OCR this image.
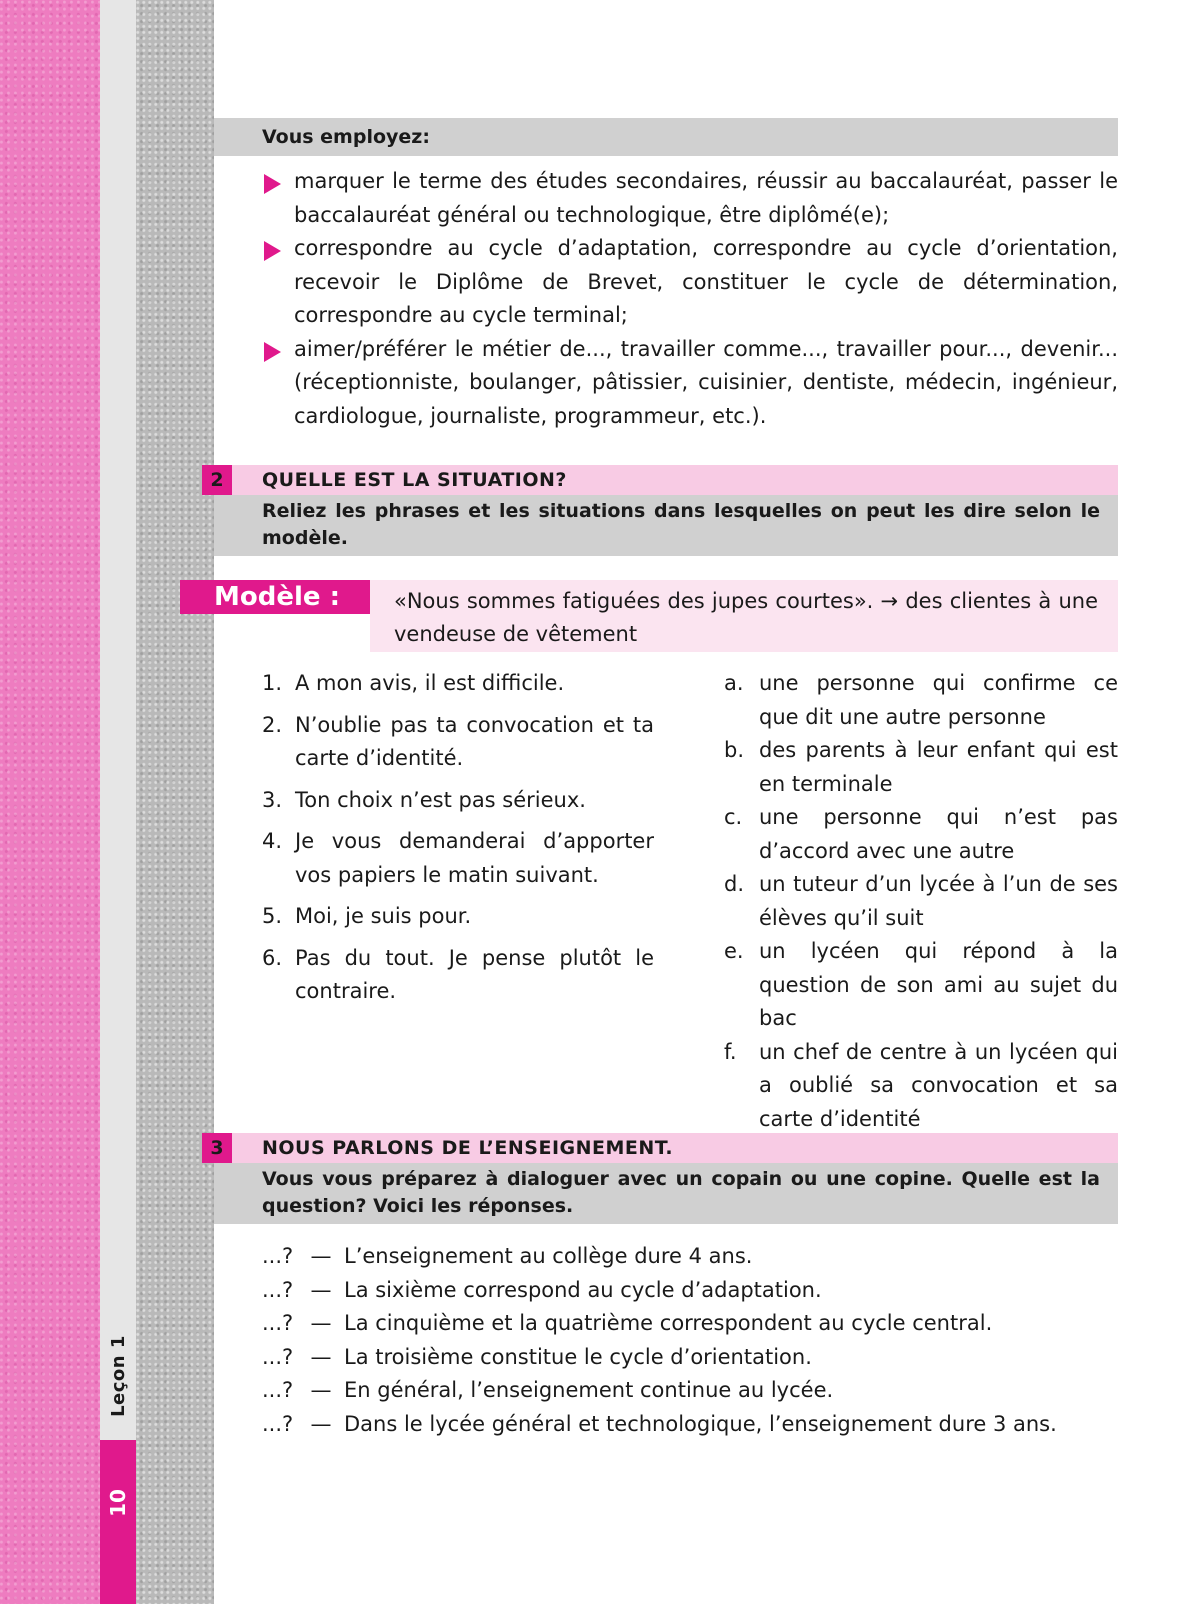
10
Leçon 1
Vous employez:
marquer le terme des études secondaires, réussir au baccalauréat, passer le baccalauréat général ou technologique, être diplômé(e);
correspondre au cycle d’adaptation, correspondre au cycle d’orientation, recevoir le Diplôme de Brevet, constituer le cycle de détermination, correspondre au cycle terminal;
aimer/préférer le métier de..., travailler comme..., travailler pour..., devenir... (réceptionniste, boulanger, pâtissier, cuisinier, dentiste, médecin, ingénieur, cardiologue, journaliste, programmeur, etc.).
QUELLE EST LA SITUATION?
2
Reliez les phrases et les situations dans lesquelles on peut les dire selon le modèle.
Modèle :	«Nous sommes fatiguées des jupes courtes». → des clientes à une vendeuse de vêtement
1. A mon avis, il est difficile.
2. N’oublie pas ta convocation et ta carte d’identité.
3. Ton choix n’est pas sérieux.
4. Je vous demanderai d’apporter vos papiers le matin suivant.
5. Moi, je suis pour.
6. Pas du tout. Je pense plutôt le contraire.
a. une personne qui confirme ce que dit une autre personne
b. des parents à leur enfant qui est en terminale
c. une personne qui n’est pas d’accord avec une autre
d. un tuteur d’un lycée à l’un de ses élèves qu’il suit
e. un lycéen qui répond à la question de son ami au sujet du bac
f. un chef de centre à un lycéen qui a oublié sa convocation et sa carte d’identité
NOUS PARLONS DE L’ENSEIGNEMENT.
3
Vous vous préparez à dialoguer avec un copain ou une copine. Quelle est la question? Voici les réponses.
...? — L’enseignement au collège dure 4 ans.
...? — La sixième correspond au cycle d’adaptation.
...? — La cinquième et la quatrième correspondent au cycle central.
...? — La troisième constitue le cycle d’orientation.
...? — En général, l’enseignement continue au lycée.
...? — Dans le lycée général et technologique, l’enseignement dure 3 ans.
